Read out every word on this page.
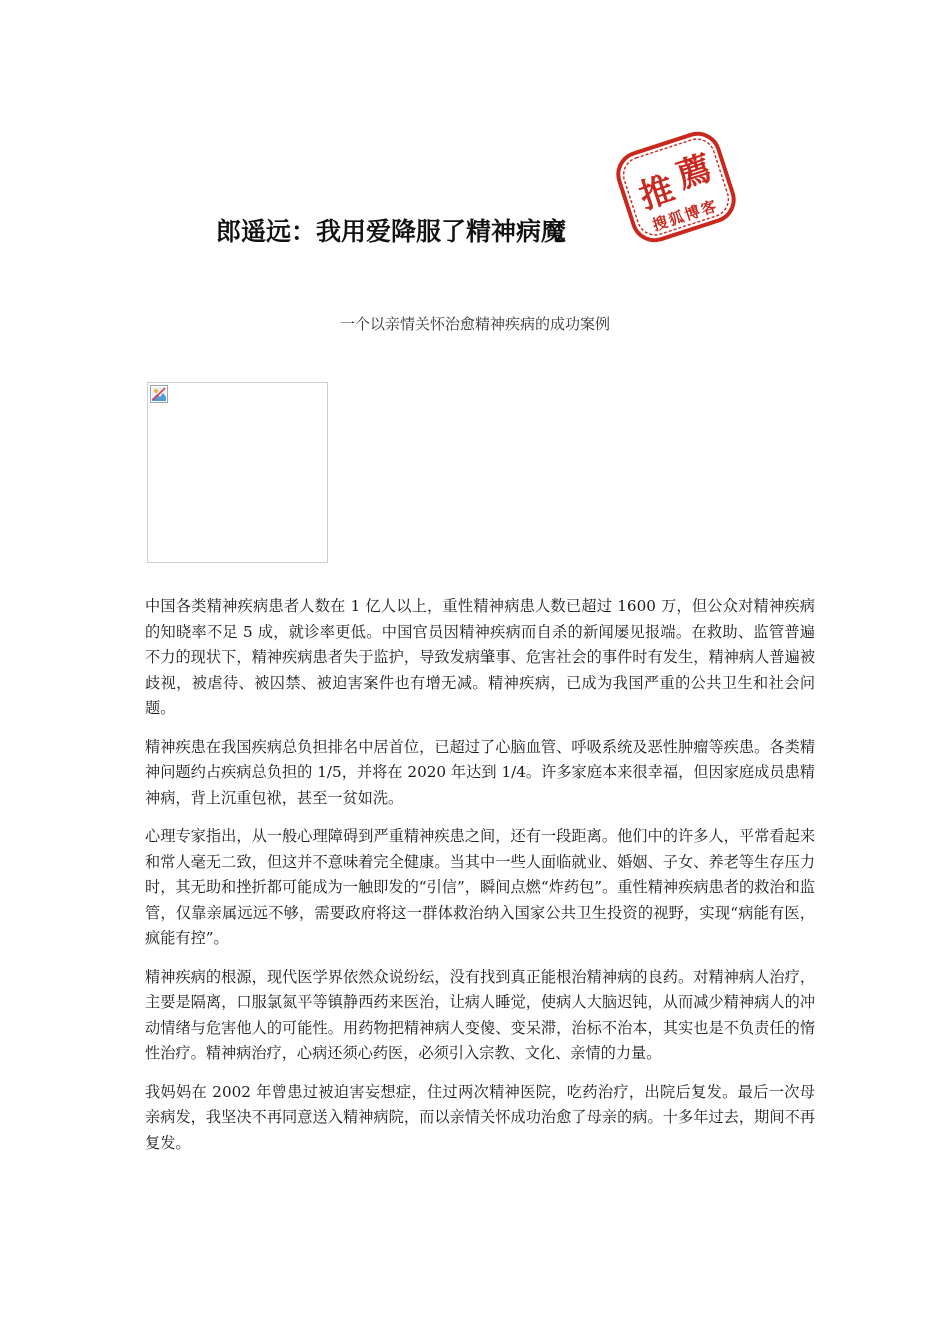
郎遥远：我用爱降服了精神病魔
推
薦
搜狐博客

一个以亲情关怀治愈精神疾病的成功案例

中国各类精神疾病患者人数在 1 亿人以上，重性精神病患人数已超过 1600 万，但公众对精神疾病的知晓率不足 5 成，就诊率更低。中国官员因精神疾病而自杀的新闻屡见报端。在救助、监管普遍不力的现状下，精神疾病患者失于监护，导致发病肇事、危害社会的事件时有发生，精神病人普遍被歧视，被虐待、被囚禁、被迫害案件也有增无减。精神疾病，已成为我国严重的公共卫生和社会问题。

精神疾患在我国疾病总负担排名中居首位，已超过了心脑血管、呼吸系统及恶性肿瘤等疾患。各类精神问题约占疾病总负担的 1/5，并将在 2020 年达到 1/4。许多家庭本来很幸福，但因家庭成员患精神病，背上沉重包袱，甚至一贫如洗。

心理专家指出，从一般心理障碍到严重精神疾患之间，还有一段距离。他们中的许多人，平常看起来和常人毫无二致，但这并不意味着完全健康。当其中一些人面临就业、婚姻、子女、养老等生存压力时，其无助和挫折都可能成为一触即发的“引信”，瞬间点燃“炸药包”。重性精神疾病患者的救治和监管，仅靠亲属远远不够，需要政府将这一群体救治纳入国家公共卫生投资的视野，实现“病能有医，疯能有控”。

精神疾病的根源，现代医学界依然众说纷纭，没有找到真正能根治精神病的良药。对精神病人治疗，主要是隔离，口服氯氮平等镇静西药来医治，让病人睡觉，使病人大脑迟钝，从而减少精神病人的冲动情绪与危害他人的可能性。用药物把精神病人变傻、变呆滞，治标不治本，其实也是不负责任的惰性治疗。精神病治疗，心病还须心药医，必须引入宗教、文化、亲情的力量。

我妈妈在 2002 年曾患过被迫害妄想症，住过两次精神医院，吃药治疗，出院后复发。最后一次母亲病发，我坚决不再同意送入精神病院，而以亲情关怀成功治愈了母亲的病。十多年过去，期间不再复发。
